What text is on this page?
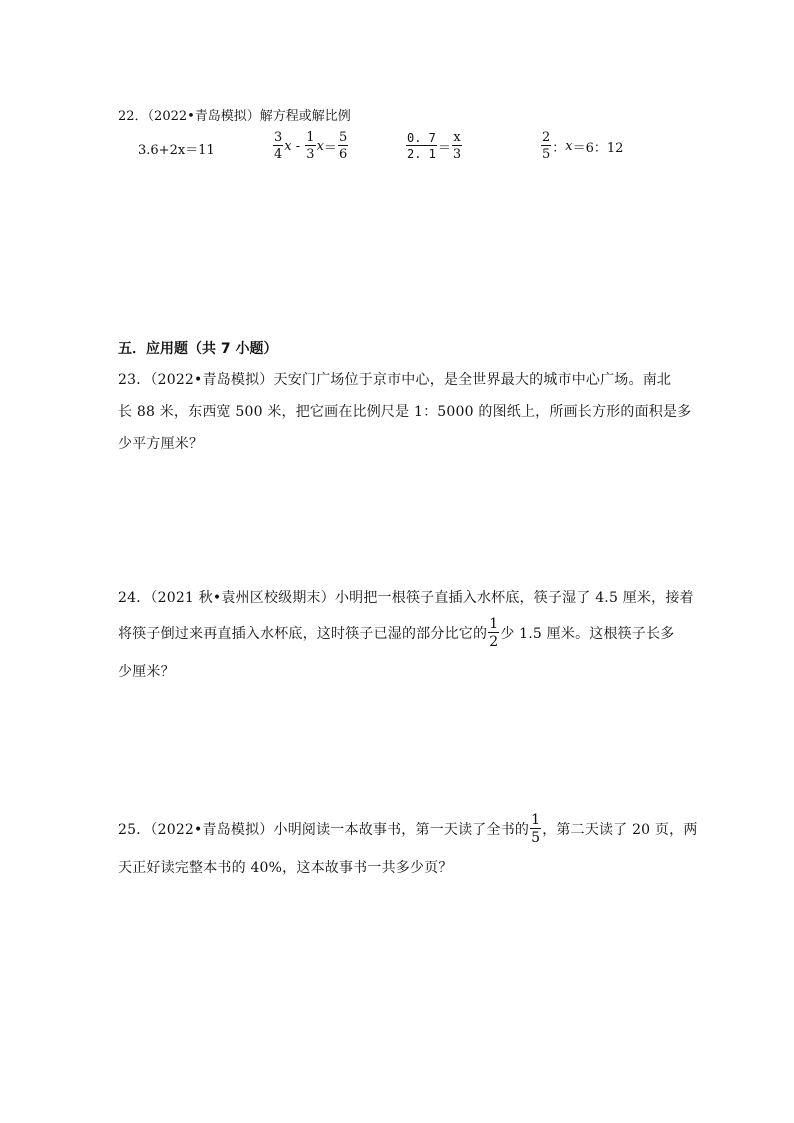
22．（2022•青岛模拟）解方程或解比例
3.6+2x＝11	$\frac{3}{4}$ x - $\frac{1}{3}$ $x = \frac{5}{6}$	$\frac{0. 7}{2. 1} = \frac{x}{3}$	$\frac{2}{5}$ ： x ＝6：12
五．应用题（共 7 小题）
23．（2022•青岛模拟）天安门广场位于京市中心，是全世界最大的城市中心广场。南北
长 88 米，东西宽 500 米，把它画在比例尺是 1：5000 的图纸上，所画长方形的面积是多
少平方厘米？
24．（2021 秋•袁州区校级期末）小明把一根筷子直插入水杯底，筷子湿了 4.5 厘米，接着
将筷子倒过来再直插入水杯底，这时筷子已湿的部分比它的 $\frac{1}{2}$ 少 1.5 厘米。这根筷子长多
少厘米？
25．（2022•青岛模拟）小明阅读一本故事书，第一天读了全书的 $\frac{1}{5}$ ，第二天读了 20 页，两
天正好读完整本书的 40%，这本故事书一共多少页？
